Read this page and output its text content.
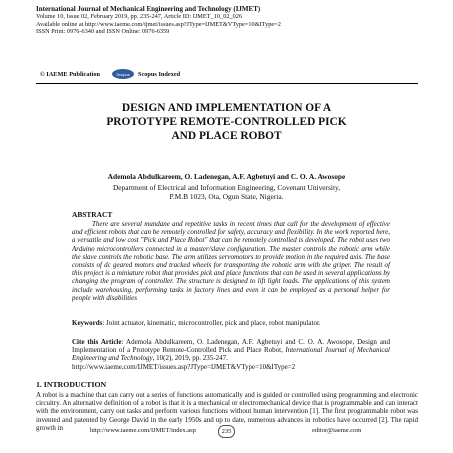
International Journal of Mechanical Engineering and Technology (IJMET)
Volume 10, Issue 02, February 2019, pp. 235-247, Article ID: IJMET_10_02_026
Available online at http://www.iaeme.com/ijmet/issues.asp?JType=IJMET&VType=10&IType=2
ISSN Print: 0976-6340 and ISSN Online: 0976-6359
© IAEME Publication	Scopus	Scopus Indexed
DESIGN AND IMPLEMENTATION OF A
PROTOTYPE REMOTE-CONTROLLED PICK
AND PLACE ROBOT
Ademola Abdulkareem, O. Ladenegan, A.F. Agbetuyi and C. O. A. Awosope
Department of Electrical and Information Engineering, Covenant University,
P.M.B 1023, Ota, Ogun State, Nigeria.
ABSTRACT
There are several mundane and repetitive tasks in recent times that call for the development of effective and efficient robots that can be remotely controlled for safety, accuracy and flexibility. In the work reported here, a versatile and low cost "Pick and Place Robot" that can be remotely controlled is developed. The robot uses two Arduino microcontrollers connected in a master/slave configuration. The master controls the robotic arm while the slave controls the robotic base. The arm utilizes servomotors to provide motion in the required axis. The base consists of dc geared motors and tracked wheels for transporting the robotic arm with the griper. The result of this project is a miniature robot that provides pick and place functions that can be used in several applications by changing the program of controller. The structure is designed to lift light loads. The applications of this system include warehousing, performing tasks in factory lines and even it can be employed as a personal helper for people with disabilities
Keywords: Joint actuator, kinematic, microcontroller, pick and place, robot manipulator.
Cite this Article: Ademola Abdulkareem, O. Ladenegan, A.F. Agbetuyi and C. O. A. Awosope, Design and Implementation of a Prototype Remote-Controlled Pick and Place Robot, International Journal of Mechanical Engineering and Technology, 10(2), 2019, pp. 235-247.
http://www.iaeme.com/IJMET/issues.asp?JType=IJMET&VType=10&IType=2
1. INTRODUCTION
A robot is a machine that can carry out a series of functions automatically and is guided or controlled using programming and electronic circuitry. An alternative definition of a robot is that it is a mechanical or electromechanical device that is programmable and can interact with the environment, carry out tasks and perform various functions without human intervention [1]. The first programmable robot was invented and patented by George David in the early 1950s and up to date, numerous advances in robotics have occurred [2]. The rapid growth in	http://www.iaeme.com/IJMET/index.asp	235	editor@iaeme.com
